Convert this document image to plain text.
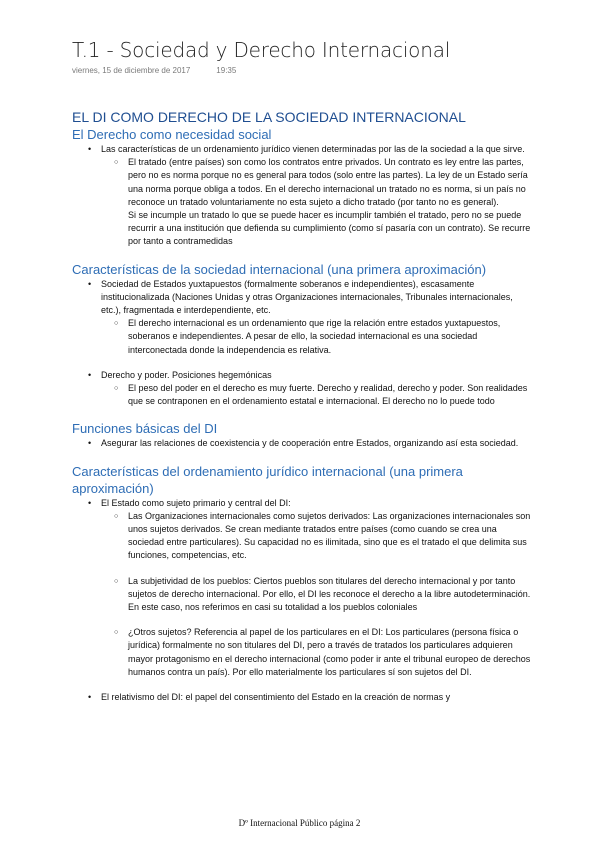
T.1 - Sociedad y Derecho Internacional
viernes, 15 de diciembre de 2017	19:35
EL DI COMO DERECHO DE LA SOCIEDAD INTERNACIONAL
El Derecho como necesidad social
• Las características de un ordenamiento jurídico vienen determinadas por las de la sociedad a la que sirve.
○ El tratado (entre países) son como los contratos entre privados. Un contrato es ley entre las partes, pero no es norma porque no es general para todos (solo entre las partes). La ley de un Estado sería una norma porque obliga a todos. En el derecho internacional un tratado no es norma, si un país no reconoce un tratado voluntariamente no esta sujeto a dicho tratado (por tanto no es general).
Si se incumple un tratado lo que se puede hacer es incumplir también el tratado, pero no se puede recurrir a una institución que defienda su cumplimiento (como sí pasaría con un contrato). Se recurre por tanto a contramedidas
Características de la sociedad internacional (una primera aproximación)
• Sociedad de Estados yuxtapuestos (formalmente soberanos e independientes), escasamente institucionalizada (Naciones Unidas y otras Organizaciones internacionales, Tribunales internacionales, etc.), fragmentada e interdependiente, etc.
○ El derecho internacional es un ordenamiento que rige la relación entre estados yuxtapuestos, soberanos e independientes. A pesar de ello, la sociedad internacional es una sociedad interconectada donde la independencia es relativa.
• Derecho y poder. Posiciones hegemónicas
○ El peso del poder en el derecho es muy fuerte. Derecho y realidad, derecho y poder. Son realidades que se contraponen en el ordenamiento estatal e internacional. El derecho no lo puede todo
Funciones básicas del DI
• Asegurar las relaciones de coexistencia y de cooperación entre Estados, organizando así esta sociedad.
Características del ordenamiento jurídico internacional (una primera aproximación)
• El Estado como sujeto primario y central del DI:
○ Las Organizaciones internacionales como sujetos derivados: Las organizaciones internacionales son unos sujetos derivados. Se crean mediante tratados entre países (como cuando se crea una sociedad entre particulares). Su capacidad no es ilimitada, sino que es el tratado el que delimita sus funciones, competencias, etc.
○ La subjetividad de los pueblos: Ciertos pueblos son titulares del derecho internacional y por tanto sujetos de derecho internacional. Por ello, el DI les reconoce el derecho a la libre autodeterminación. En este caso, nos referimos en casi su totalidad a los pueblos coloniales
○ ¿Otros sujetos? Referencia al papel de los particulares en el DI: Los particulares (persona física o jurídica) formalmente no son titulares del DI, pero a través de tratados los particulares adquieren mayor protagonismo en el derecho internacional (como poder ir ante el tribunal europeo de derechos humanos contra un país). Por ello materialmente los particulares sí son sujetos del DI.
• El relativismo del DI: el papel del consentimiento del Estado en la creación de normas y
Dº Internacional Público página 2
